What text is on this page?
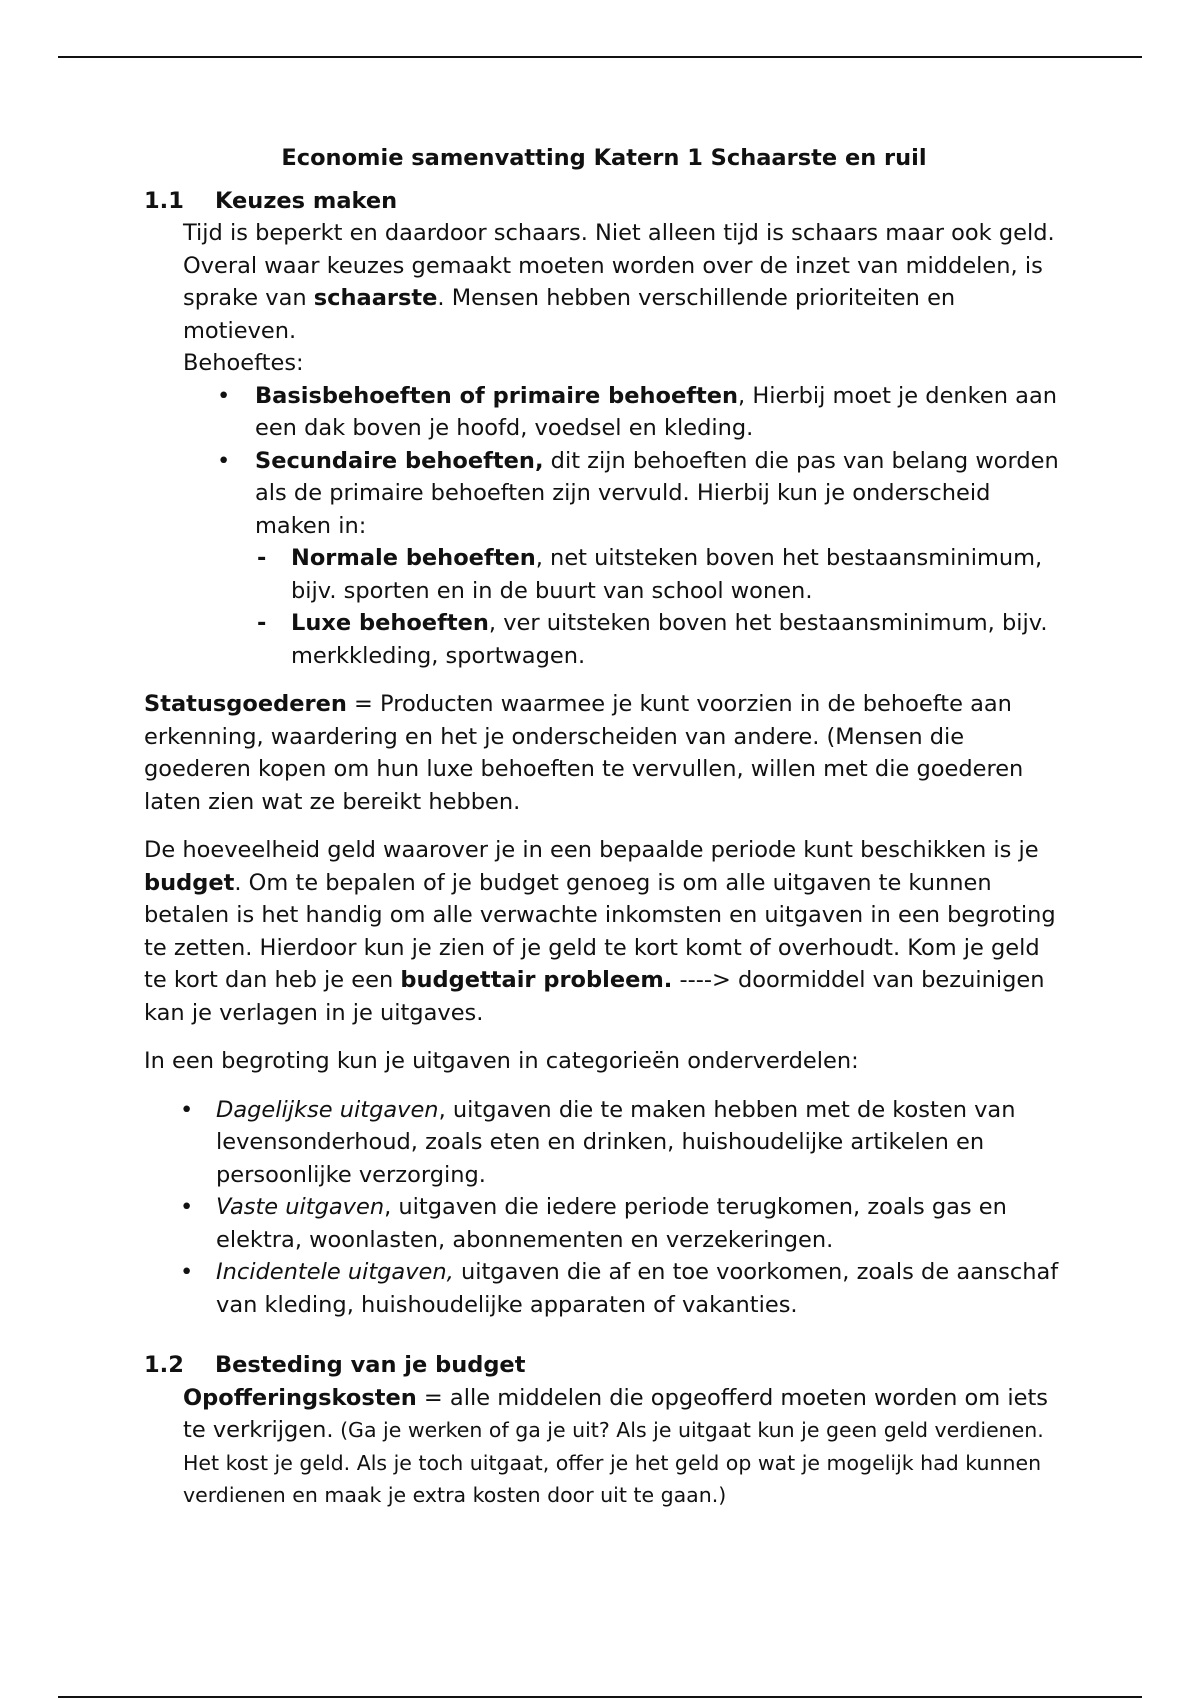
Economie samenvatting Katern 1 Schaarste en ruil

1.1	Keuzes maken

Tijd is beperkt en daardoor schaars. Niet alleen tijd is schaars maar ook geld. Overal waar keuzes gemaakt moeten worden over de inzet van middelen, is sprake van schaarste. Mensen hebben verschillende prioriteiten en motieven.

Behoeftes:

• Basisbehoeften of primaire behoeften, Hierbij moet je denken aan een dak boven je hoofd, voedsel en kleding.
• Secundaire behoeften, dit zijn behoeften die pas van belang worden als de primaire behoeften zijn vervuld. Hierbij kun je onderscheid maken in:
- Normale behoeften, net uitsteken boven het bestaansminimum, bijv. sporten en in de buurt van school wonen.
- Luxe behoeften, ver uitsteken boven het bestaansminimum, bijv. merkkleding, sportwagen.

Statusgoederen = Producten waarmee je kunt voorzien in de behoefte aan erkenning, waardering en het je onderscheiden van andere. (Mensen die goederen kopen om hun luxe behoeften te vervullen, willen met die goederen laten zien wat ze bereikt hebben.

De hoeveelheid geld waarover je in een bepaalde periode kunt beschikken is je budget. Om te bepalen of je budget genoeg is om alle uitgaven te kunnen betalen is het handig om alle verwachte inkomsten en uitgaven in een begroting te zetten. Hierdoor kun je zien of je geld te kort komt of overhoudt. Kom je geld te kort dan heb je een budgettair probleem. ----> doormiddel van bezuinigen kan je verlagen in je uitgaves.

In een begroting kun je uitgaven in categorieën onderverdelen:

• Dagelijkse uitgaven, uitgaven die te maken hebben met de kosten van levensonderhoud, zoals eten en drinken, huishoudelijke artikelen en persoonlijke verzorging.
• Vaste uitgaven, uitgaven die iedere periode terugkomen, zoals gas en elektra, woonlasten, abonnementen en verzekeringen.
• Incidentele uitgaven, uitgaven die af en toe voorkomen, zoals de aanschaf van kleding, huishoudelijke apparaten of vakanties.
1.2	Besteding van je budget

Opofferingskosten = alle middelen die opgeofferd moeten worden om iets te verkrijgen. (Ga je werken of ga je uit? Als je uitgaat kun je geen geld verdienen. Het kost je geld. Als je toch uitgaat, offer je het geld op wat je mogelijk had kunnen verdienen en maak je extra kosten door uit te gaan.)
